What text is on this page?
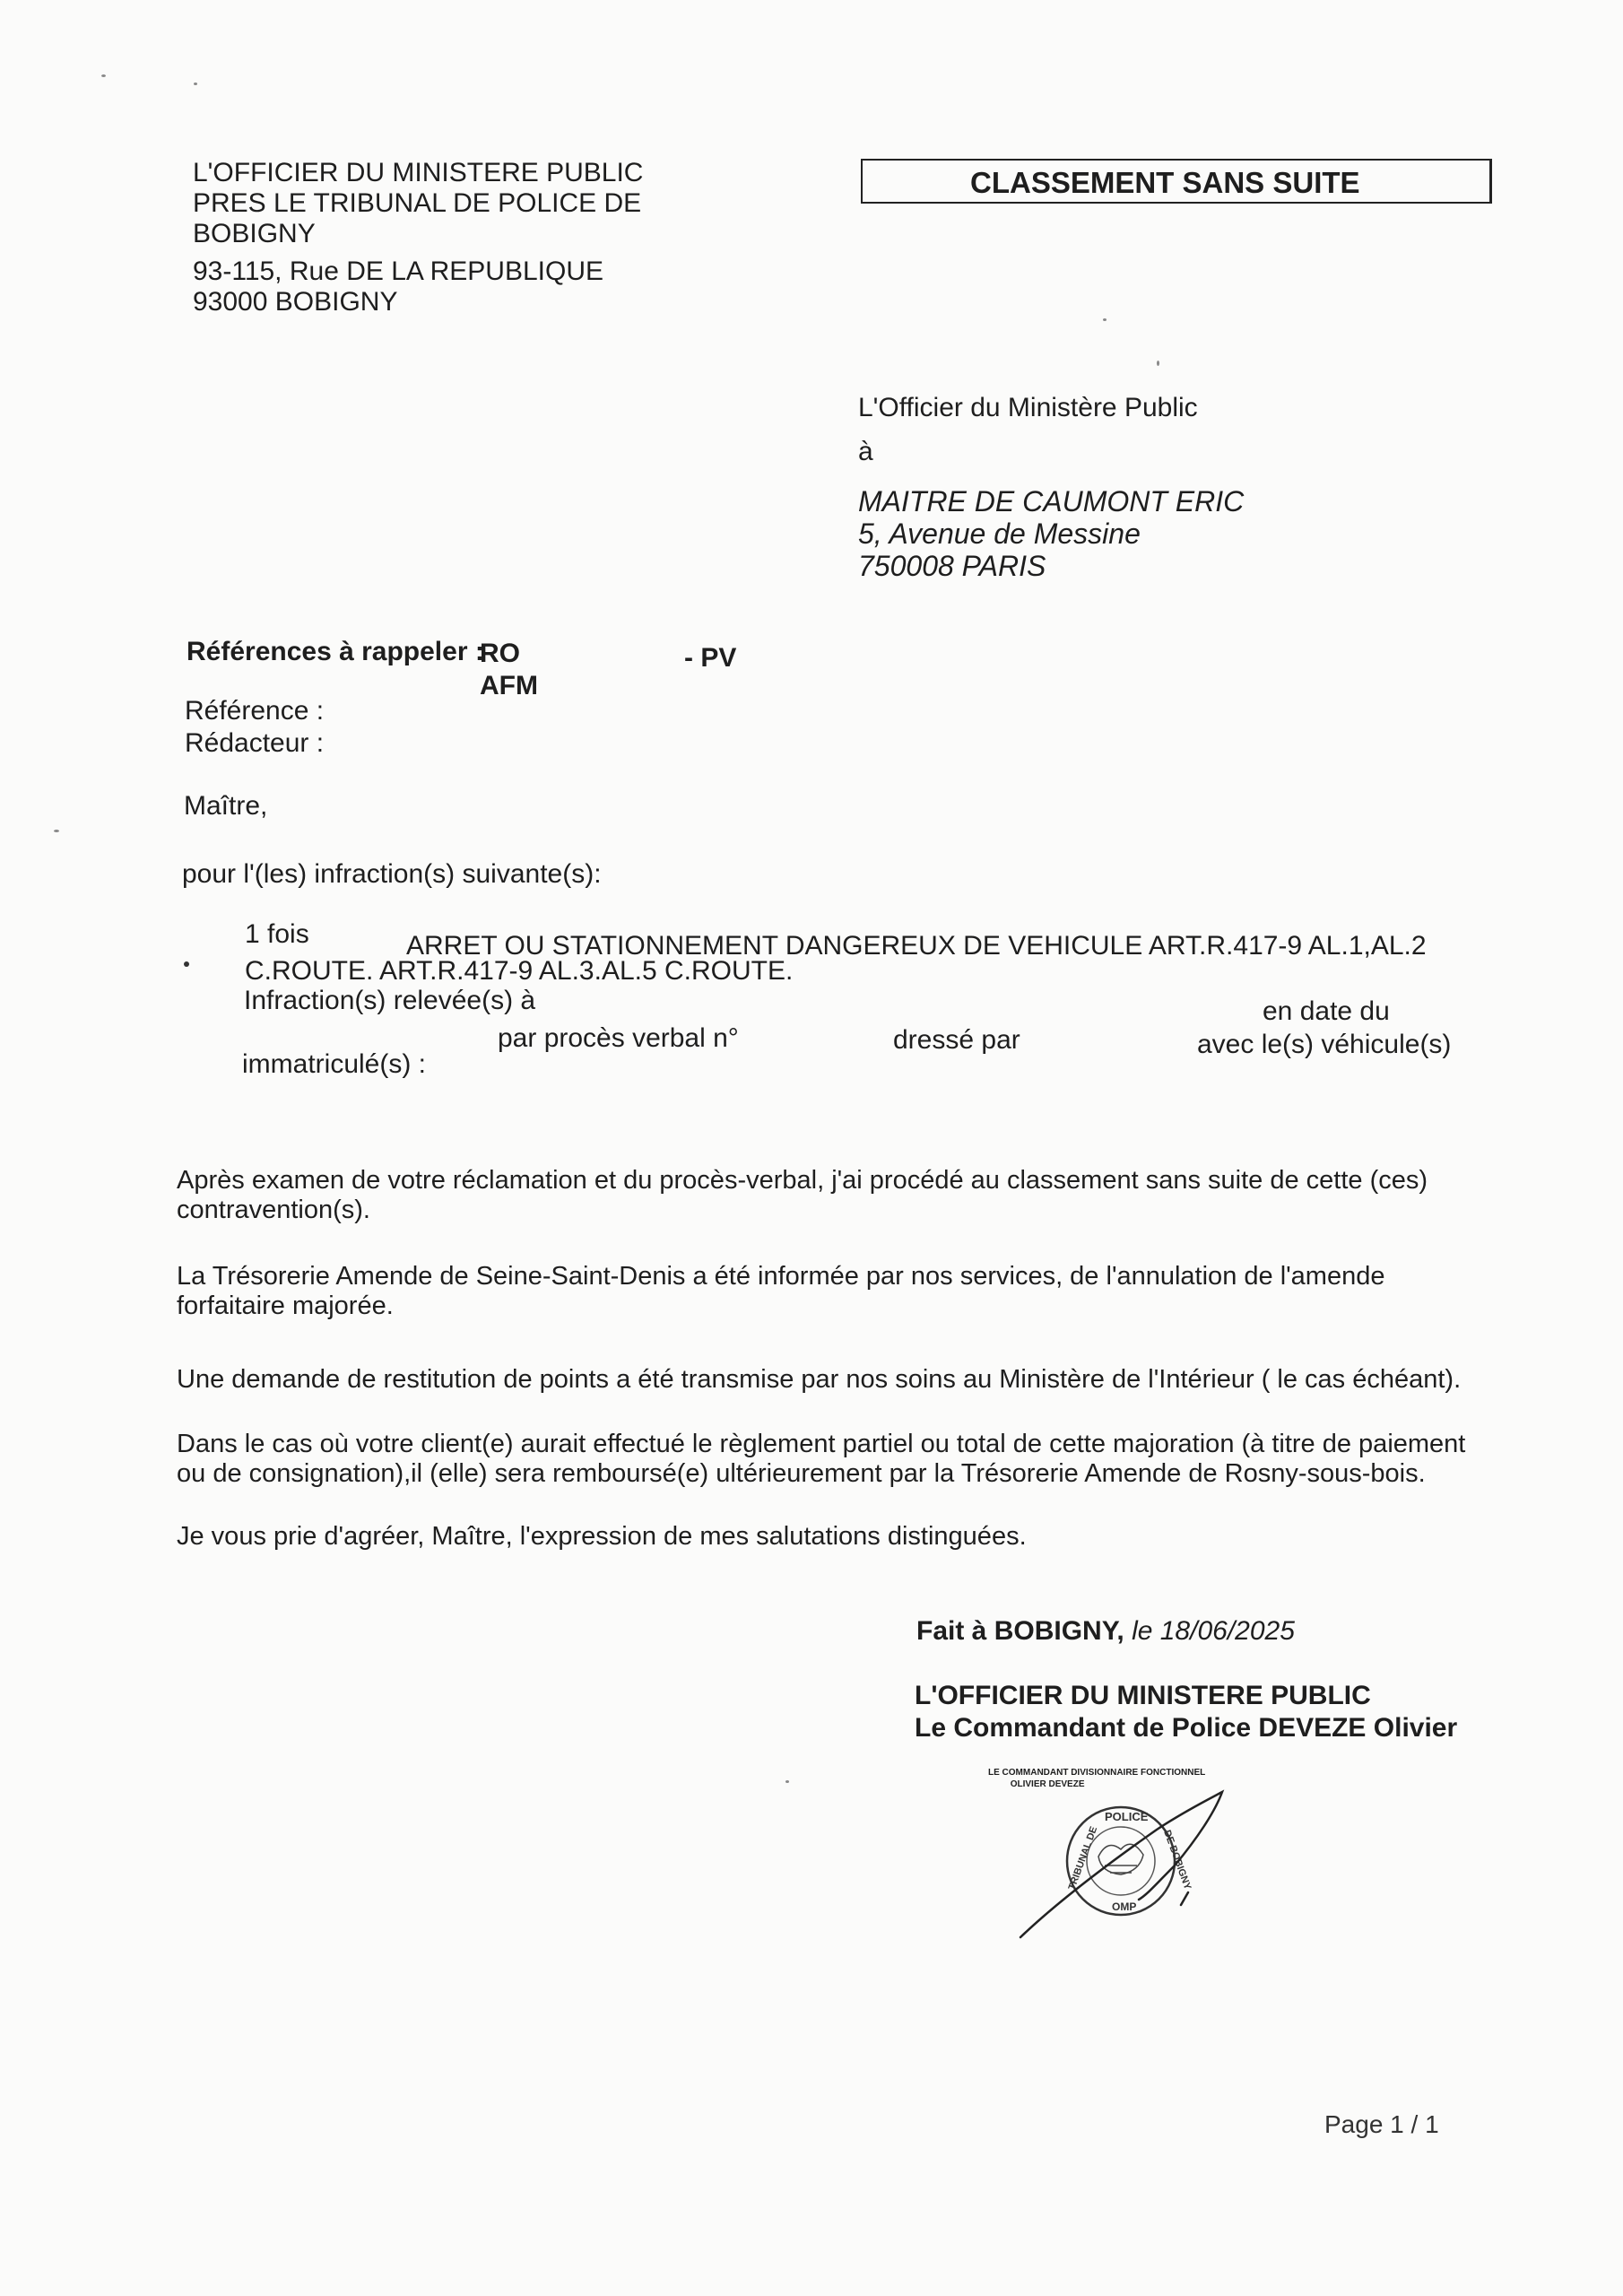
L'OFFICIER DU MINISTERE PUBLIC
PRES LE TRIBUNAL DE POLICE DE
BOBIGNY
93-115, Rue DE LA REPUBLIQUE
93000 BOBIGNY
CLASSEMENT SANS SUITE
L'Officier du Ministère Public
à
MAITRE DE CAUMONT ERIC
5, Avenue de Messine
750008 PARIS
Références à rappeler :
RO	- PV
AFM
Référence :
Rédacteur :
Maître,
pour l'(les) infraction(s) suivante(s):
1 fois	ARRET OU STATIONNEMENT DANGEREUX DE VEHICULE ART.R.417-9 AL.1,AL.2
C.ROUTE. ART.R.417-9 AL.3.AL.5 C.ROUTE.
Infraction(s) relevée(s) à	en date du
par procès verbal n°	dressé par	avec le(s) véhicule(s)
immatriculé(s) :
Après examen de votre réclamation et du procès-verbal, j'ai procédé au classement sans suite de cette (ces) contravention(s).
La Trésorerie Amende de Seine-Saint-Denis a été informée par nos services, de l'annulation de l'amende forfaitaire majorée.
Une demande de restitution de points a été transmise par nos soins au Ministère de l'Intérieur ( le cas échéant).
Dans le cas où votre client(e) aurait effectué le règlement partiel ou total de cette majoration (à titre de paiement ou de consignation),il (elle) sera remboursé(e) ultérieurement par la Trésorerie Amende de Rosny-sous-bois.
Je vous prie d'agréer, Maître, l'expression de mes salutations distinguées.
Fait à BOBIGNY, le 18/06/2025
L'OFFICIER DU MINISTERE PUBLIC
Le Commandant de Police DEVEZE Olivier
LE COMMANDANT DIVISIONNAIRE FONCTIONNEL
OLIVIER DEVEZE
POLICE
TRIBUNAL DE	DE BOBIGNY
OMP
Page 1 / 1
